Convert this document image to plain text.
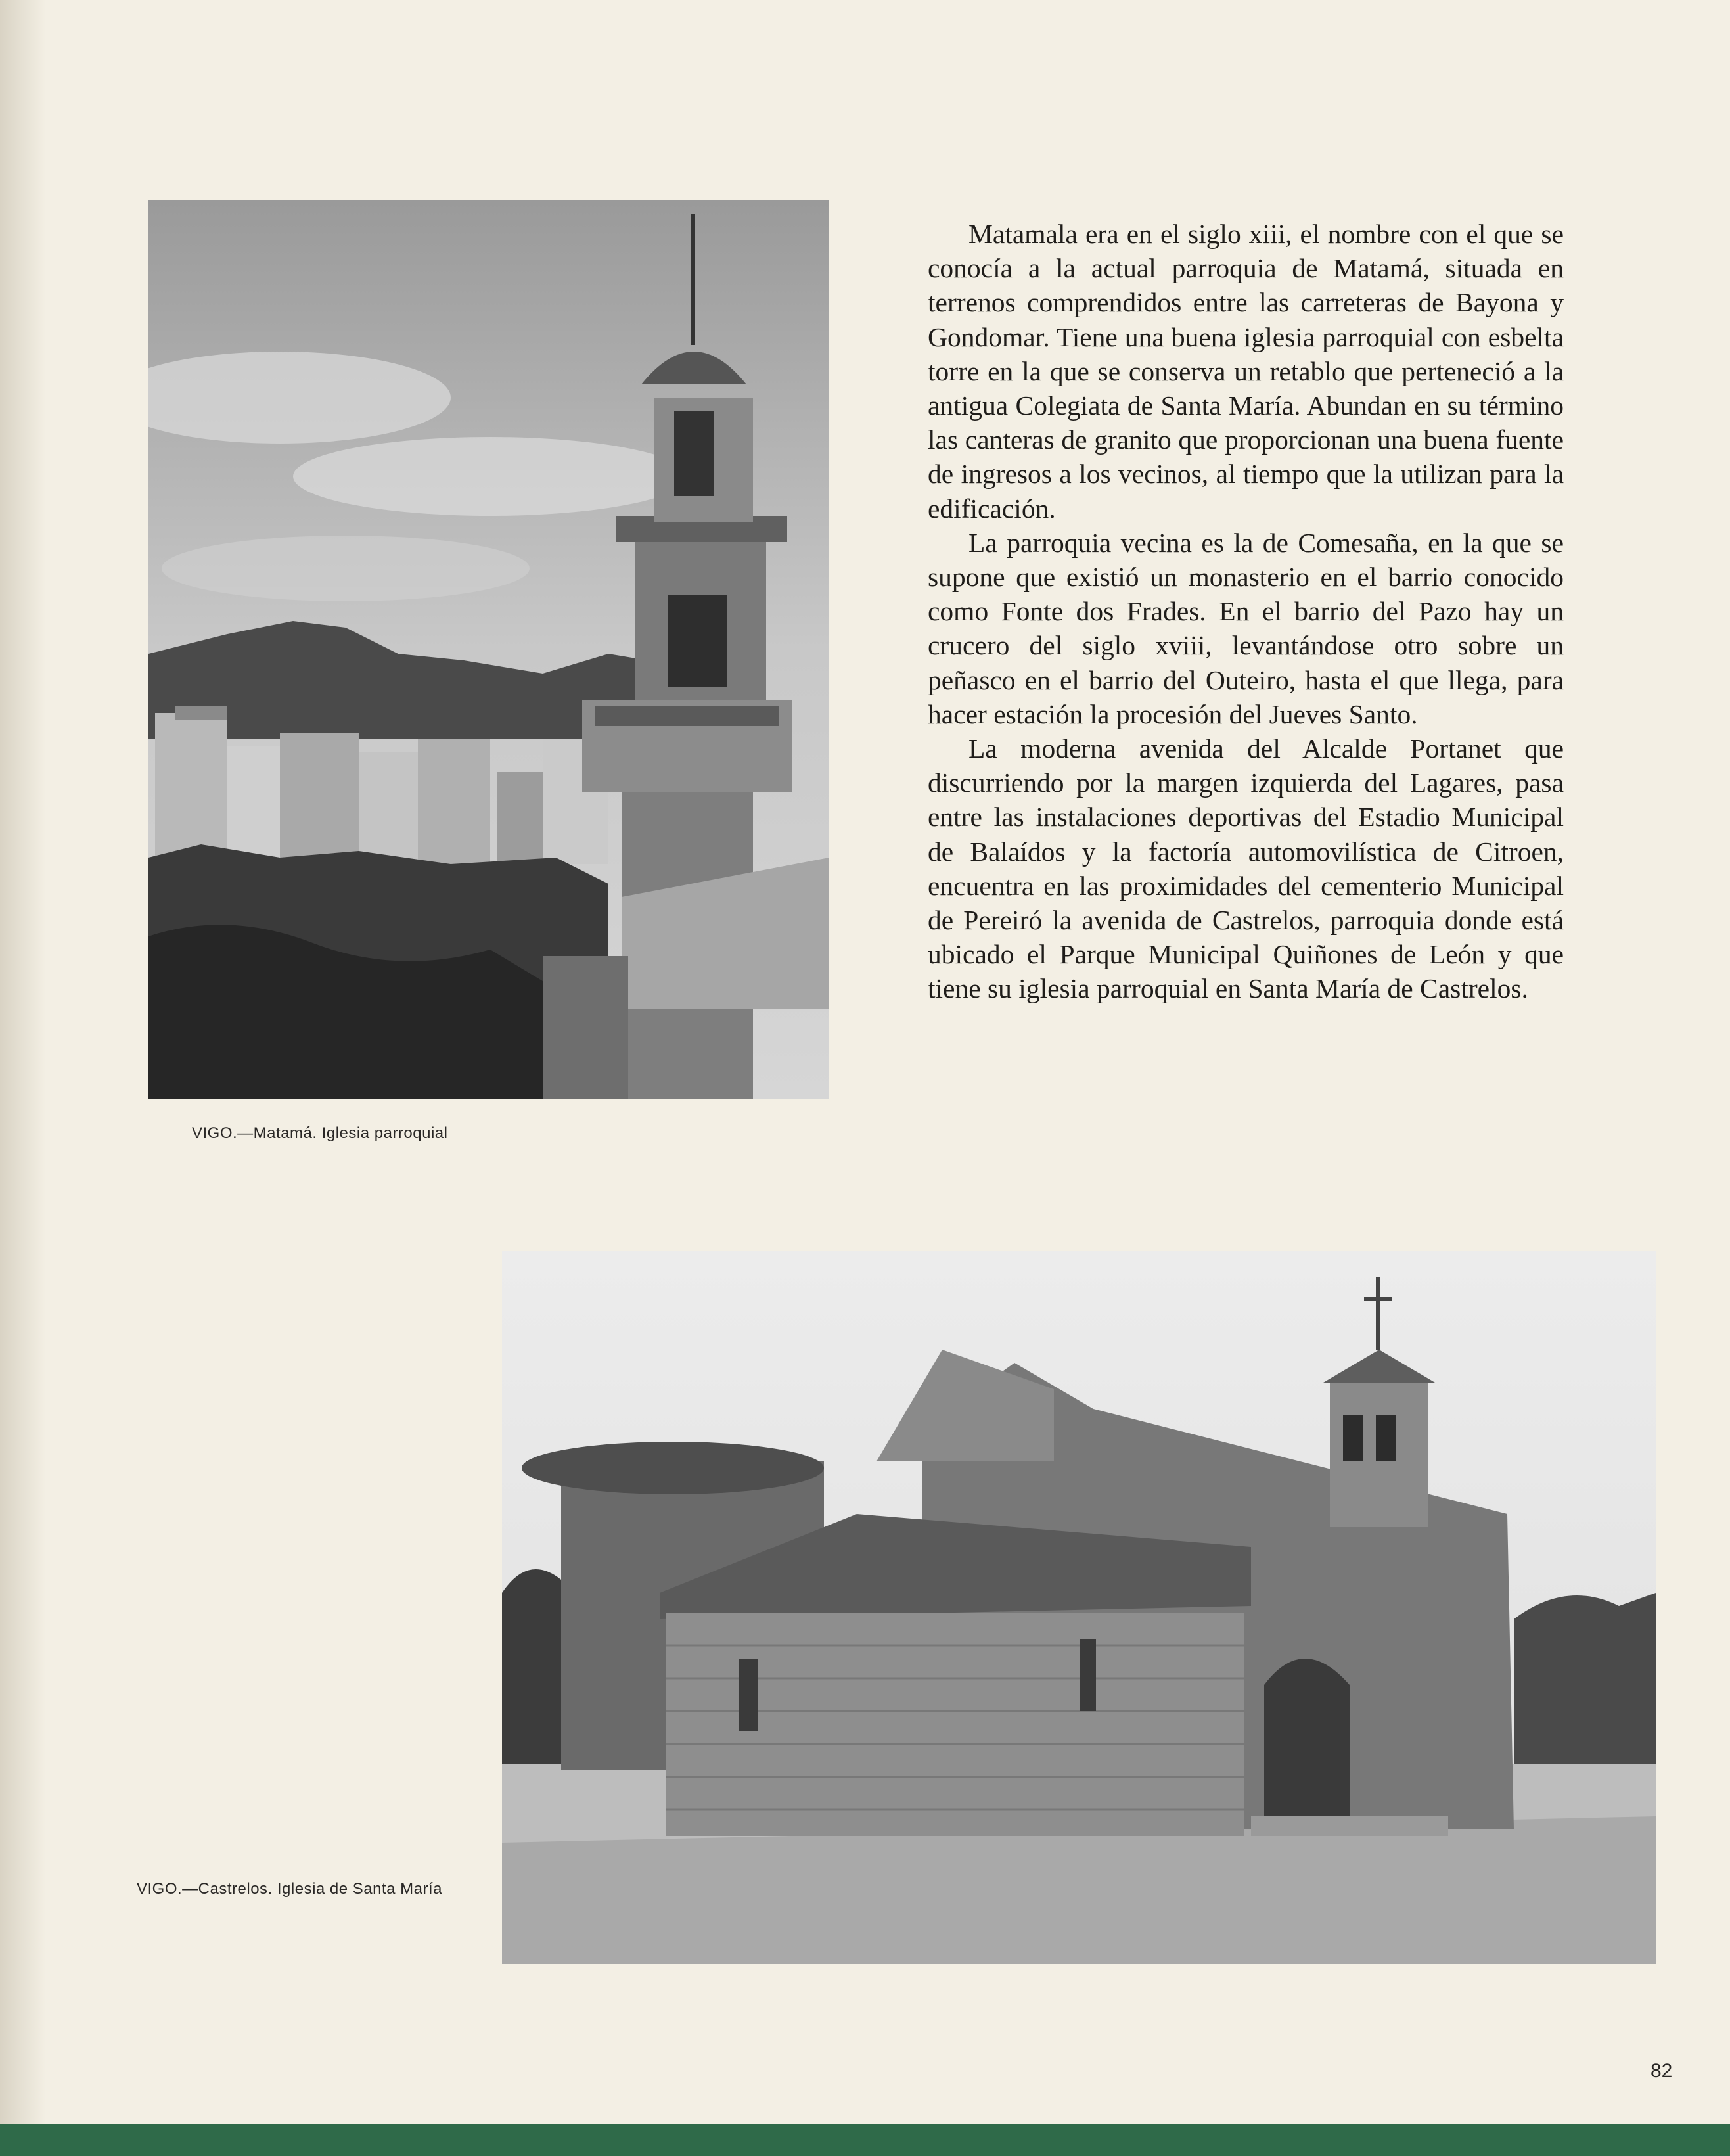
VIGO.—Matamá. Iglesia parroquial

Matamala era en el siglo xiii, el nombre con el que se conocía a la actual parroquia de Matamá, situada en terrenos comprendidos entre las carreteras de Bayona y Gondomar. Tiene una buena iglesia parroquial con esbelta torre en la que se conserva un retablo que perteneció a la antigua Colegiata de Santa María. Abundan en su término las canteras de granito que proporcionan una buena fuente de ingresos a los vecinos, al tiempo que la utilizan para la edificación.

La parroquia vecina es la de Comesaña, en la que se supone que existió un monasterio en el barrio conocido como Fonte dos Frades. En el barrio del Pazo hay un crucero del siglo xviii, levantándose otro sobre un peñasco en el barrio del Outeiro, hasta el que llega, para hacer estación la procesión del Jueves Santo.

La moderna avenida del Alcalde Portanet que discurriendo por la margen izquierda del Lagares, pasa entre las instalaciones deportivas del Estadio Municipal de Balaídos y la factoría automovilística de Citroen, encuentra en las proximidades del cementerio Municipal de Pereiró la avenida de Castrelos, parroquia donde está ubicado el Parque Municipal Quiñones de León y que tiene su iglesia parroquial en Santa María de Castrelos.

VIGO.—Castrelos. Iglesia de Santa María
82
